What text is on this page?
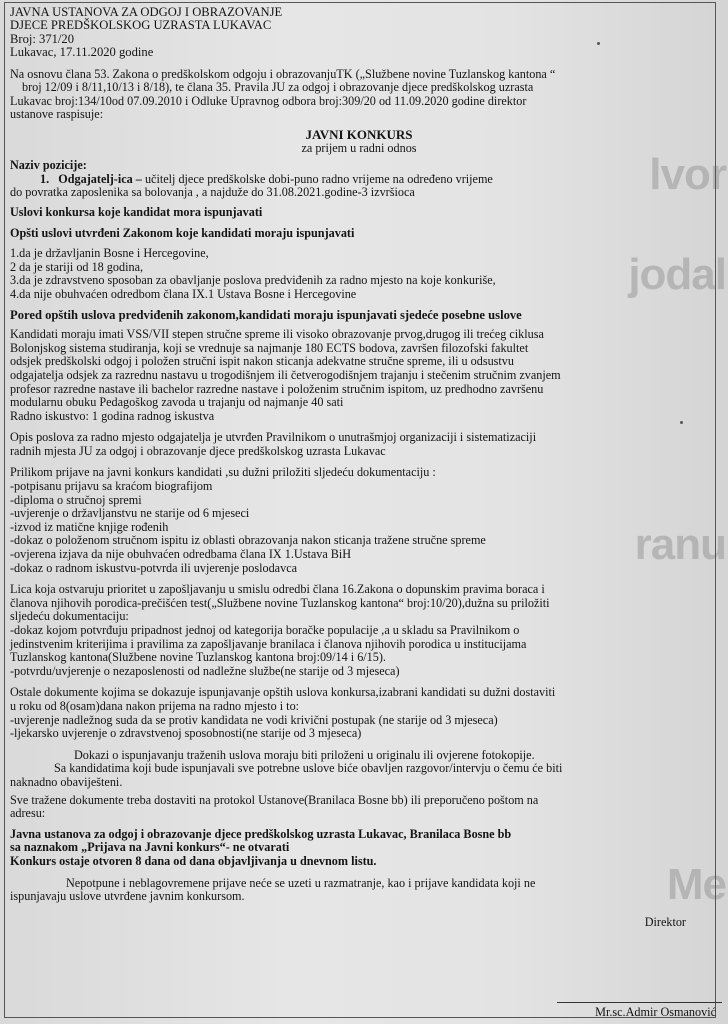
lvor
jodal
ranu
Me

JAVNA USTANOVA ZA ODGOJ I OBRAZOVANJE

DJECE PREDŠKOLSKOG UZRASTA LUKAVAC

Broj: 371/20

Lukavac, 17.11.2020 godine

Na osnovu člana 53. Zakona o predškolskom odgoju i obrazovanjuTK („Službene novine Tuzlanskog kantona “

broj 12/09 i 8/11,10/13 i 8/18), te člana 35. Pravila JU za odgoj i obrazovanje djece predškolskog uzrasta

Lukavac broj:134/10od 07.09.2010 i Odluke Upravnog odbora broj:309/20 od 11.09.2020 godine direktor

ustanove raspisuje:

JAVNI KONKURS

za prijem u radni odnos

Naziv pozicije:

1. Odgajatelj-ica – učitelj djece predškolske dobi-puno radno vrijeme na određeno vrijeme

do povratka zaposlenika sa bolovanja , a najduže do 31.08.2021.godine-3 izvršioca

Uslovi konkursa koje kandidat mora ispunjavati

Opšti uslovi utvrđeni Zakonom koje kandidati moraju ispunjavati

1.da je državljanin Bosne i Hercegovine,

2 da je stariji od 18 godina,

3.da je zdravstveno sposoban za obavljanje poslova predviđenih za radno mjesto na koje konkuriše,

4.da nije obuhvaćen odredbom člana IX.1 Ustava Bosne i Hercegovine

Pored opštih uslova predviđenih zakonom,kandidati moraju ispunjavati sjedeće posebne uslove

Kandidati moraju imati VSS/VII stepen stručne spreme ili visoko obrazovanje prvog,drugog ili trećeg ciklusa

Bolonjskog sistema studiranja, koji se vrednuje sa najmanje 180 ECTS bodova, završen filozofski fakultet

odsjek predškolski odgoj i položen stručni ispit nakon sticanja adekvatne stručne spreme, ili u odsustvu

odgajatelja odsjek za razrednu nastavu u trogodišnjem ili četverogodišnjem trajanju i stečenim stručnim zvanjem

profesor razredne nastave ili bachelor razredne nastave i položenim stručnim ispitom, uz predhodno završenu

modularnu obuku Pedagoškog zavoda u trajanju od najmanje 40 sati

Radno iskustvo: 1 godina radnog iskustva

Opis poslova za radno mjesto odgajatelja je utvrđen Pravilnikom o unutrašmjoj organizaciji i sistematizaciji

radnih mjesta JU za odgoj i obrazovanje djece predškolskog uzrasta Lukavac

Prilikom prijave na javni konkurs kandidati ,su dužni priložiti sljedeću dokumentaciju :

-potpisanu prijavu sa kraćom biografijom

-diploma o stručnoj spremi

-uvjerenje o državljanstvu ne starije od 6 mjeseci

-izvod iz matične knjige rođenih

-dokaz o položenom stručnom ispitu iz oblasti obrazovanja nakon sticanja tražene stručne spreme

-ovjerena izjava da nije obuhvaćen odredbama člana IX 1.Ustava BiH

-dokaz o radnom iskustvu-potvrda ili uvjerenje poslodavca

Lica koja ostvaruju prioritet u zapošljavanju u smislu odredbi člana 16.Zakona o dopunskim pravima boraca i

članova njihovih porodica-prečišćen test(„Službene novine Tuzlanskog kantona“ broj:10/20),dužna su priložiti

sljedeću dokumentaciju:

-dokaz kojom potvrđuju pripadnost jednoj od kategorija boračke populacije ,a u skladu sa Pravilnikom o

jedinstvenim kriterijima i pravilima za zapošljavanje branilaca i članova njihovih porodica u institucijama

Tuzlanskog kantona(Službene novine Tuzlanskog kantona broj:09/14 i 6/15).

-potvrdu/uvjerenje o nezaposlenosti od nadležne službe(ne starije od 3 mjeseca)

Ostale dokumente kojima se dokazuje ispunjavanje opštih uslova konkursa,izabrani kandidati su dužni dostaviti

u roku od 8(osam)dana nakon prijema na radno mjesto i to:

-uvjerenje nadležnog suda da se protiv kandidata ne vodi krivični postupak (ne starije od 3 mjeseca)

-ljekarsko uvjerenje o zdravstvenoj sposobnosti(ne starije od 3 mjeseca)

Dokazi o ispunjavanju traženih uslova moraju biti priloženi u originalu ili ovjerene fotokopije.

Sa kandidatima koji bude ispunjavali sve potrebne uslove biće obavljen razgovor/intervju o čemu će biti

naknadno obaviješteni.

Sve tražene dokumente treba dostaviti na protokol Ustanove(Branilaca Bosne bb) ili preporučeno poštom na

adresu:

Javna ustanova za odgoj i obrazovanje djece predškolskog uzrasta Lukavac, Branilaca Bosne bb

sa naznakom „Prijava na Javni konkurs“- ne otvarati

Konkurs ostaje otvoren 8 dana od dana objavljivanja u dnevnom listu.

Nepotpune i neblagovremene prijave neće se uzeti u razmatranje, kao i prijave kandidata koji ne

ispunjavaju uslove utvrđene javnim konkursom.

Direktor

Mr.sc.Admir Osmanović
